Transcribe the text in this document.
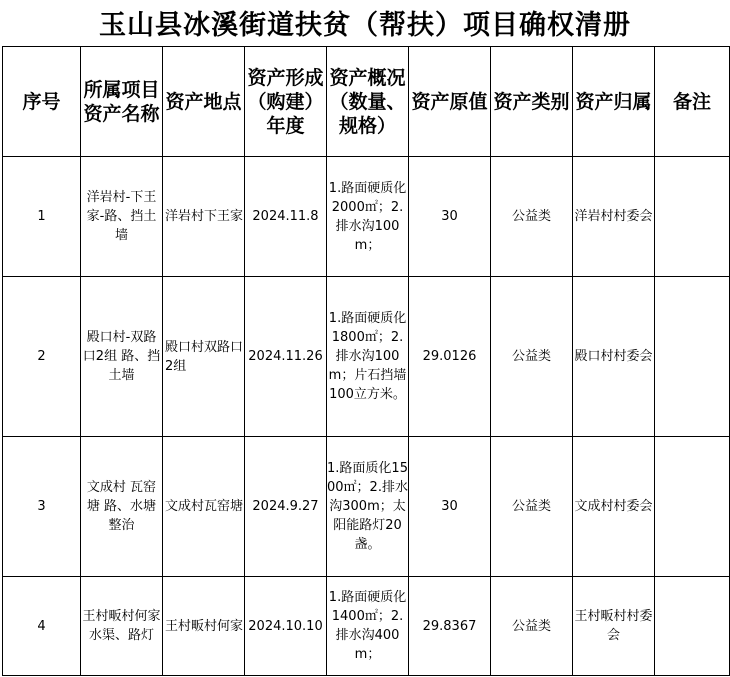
玉山县冰溪街道扶贫（帮扶）项目确权清册
序号	所属项目资产名称	资产地点	资产形成（购建）年度	资产概况（数量、规格）	资产原值	资产类别	资产归属	备注
1	洋岩村-下王家-路、挡土墙	洋岩村下王家	2024.11.8	1.路面硬质化2000㎡；2.排水沟100m；	30	公益类	洋岩村村委会	
2	殿口村-双路口2组 路、挡土墙	殿口村双路口2组	2024.11.26	1.路面硬质化1800㎡；2.排水沟100m；片石挡墙100立方米。	29.0126	公益类	殿口村村委会	
3	文成村 瓦窑塘 路、水塘整治	文成村瓦窑塘	2024.9.27	1.路面质化1500㎡；2.排水沟300m；太阳能路灯20盏。	30	公益类	文成村村委会	
4	王村畈村何家 水渠、路灯	王村畈村何家	2024.10.10	1.路面硬质化1400㎡；2.排水沟400m；	29.8367	公益类	王村畈村村委会	
